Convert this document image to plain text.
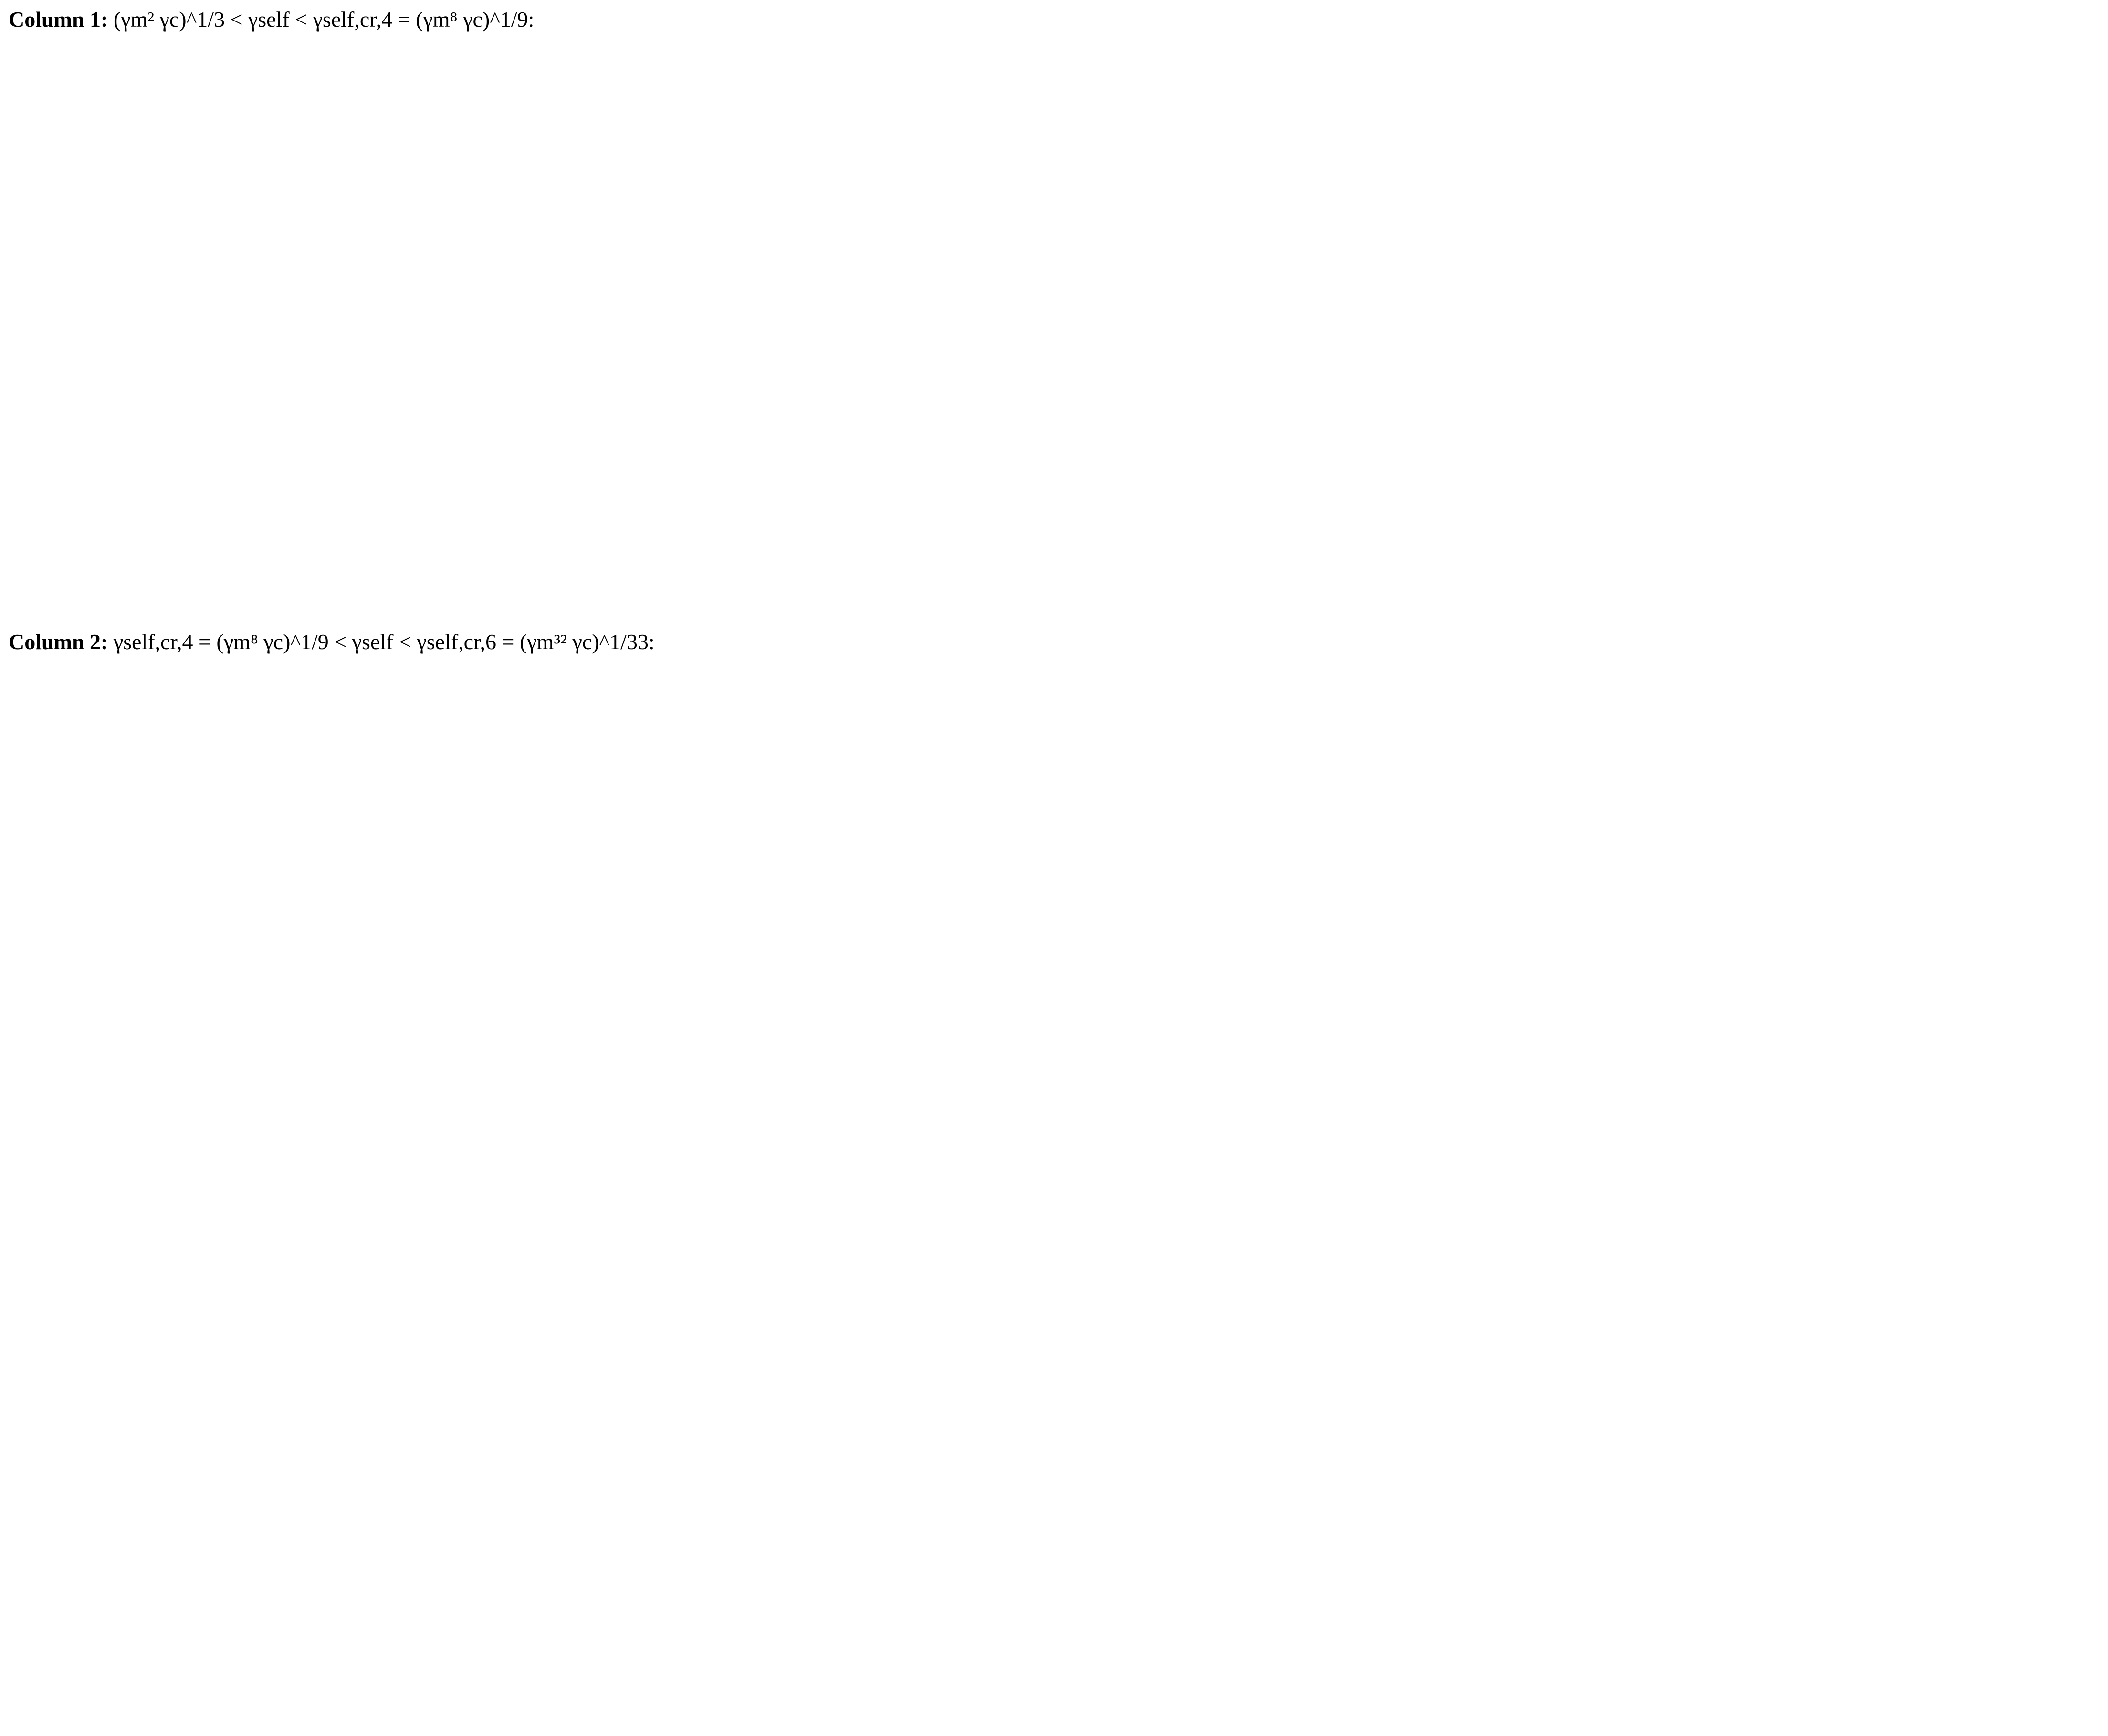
Column 1: (γm² γc)^1/3 < γself < γself,cr,4 = (γm⁸ γc)^1/9:
Column 2: γself,cr,4 = (γm⁸ γc)^1/9 < γself < γself,cr,6 = (γm³² γc)^1/33:
